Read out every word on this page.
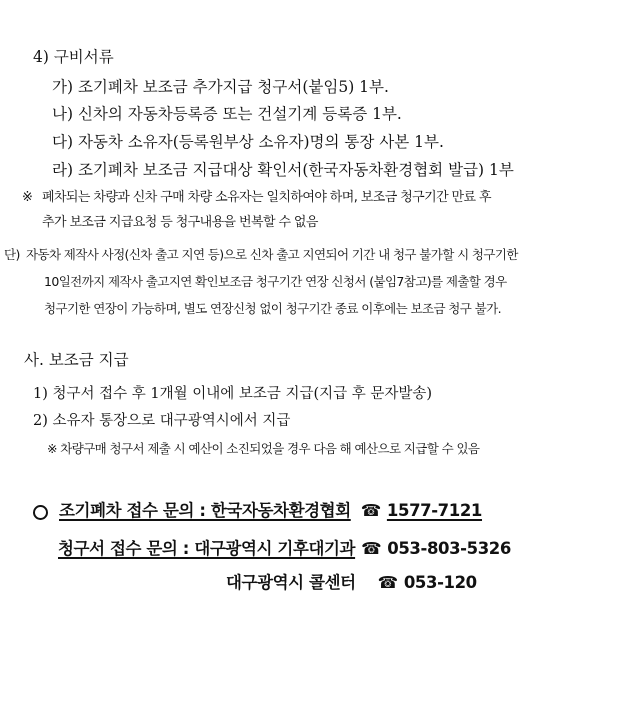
4) 구비서류
가) 조기폐차 보조금 추가지급 청구서(붙임5) 1부.
나) 신차의 자동차등록증 또는 건설기계 등록증 1부.
다) 자동차 소유자(등록원부상 소유자)명의 통장 사본 1부.
라) 조기폐차 보조금 지급대상 확인서(한국자동차환경협회 발급) 1부
※ 폐차되는 차량과 신차 구매 차량 소유자는 일치하여야 하며, 보조금 청구기간 만료 후
추가 보조금 지급요청 등 청구내용을 번복할 수 없음
단) 자동차 제작사 사정(신차 출고 지연 등)으로 신차 출고 지연되어 기간 내 청구 불가할 시 청구기한
10일전까지 제작사 출고지연 확인보조금 청구기간 연장 신청서 (붙임7참고)를 제출할 경우
청구기한 연장이 가능하며, 별도 연장신청 없이 청구기간 종료 이후에는 보조금 청구 불가.
사. 보조금 지급
1) 청구서 접수 후 1개월 이내에 보조금 지급(지급 후 문자발송)
2) 소유자 통장으로 대구광역시에서 지급
※ 차량구매 청구서 제출 시 예산이 소진되었을 경우 다음 해 예산으로 지급할 수 있음
조기폐차 접수 문의 : 한국자동차환경협회 ☎ 1577-7121
청구서 접수 문의 : 대구광역시 기후대기과 ☎ 053-803-5326
대구광역시 콜센터 ☎ 053-120
